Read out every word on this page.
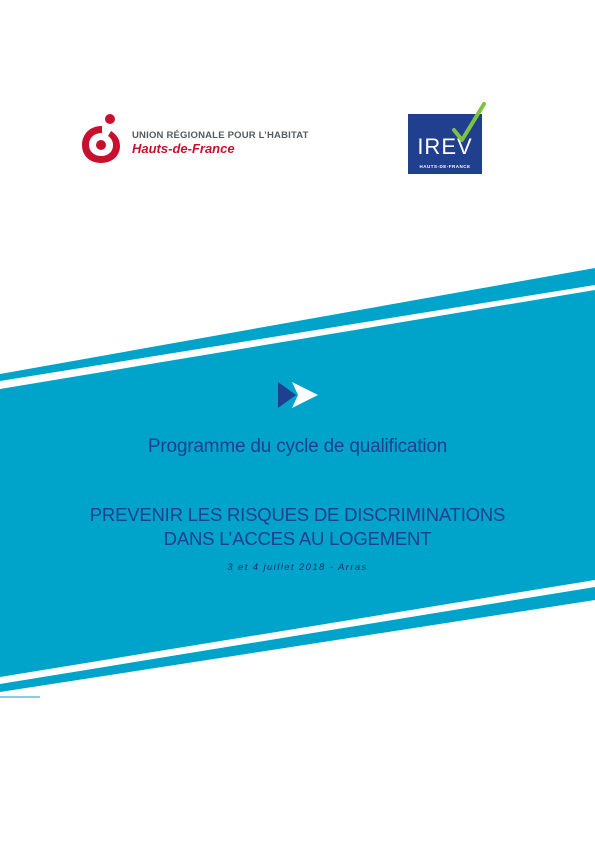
UNION RÉGIONALE POUR L’HABITAT
Hauts-de-France	IREV
HAUTS-DE-FRANCE
Programme du cycle de qualification
PREVENIR LES RISQUES DE DISCRIMINATIONS
DANS L’ACCES AU LOGEMENT
3 et 4 juillet 2018 - Arras
